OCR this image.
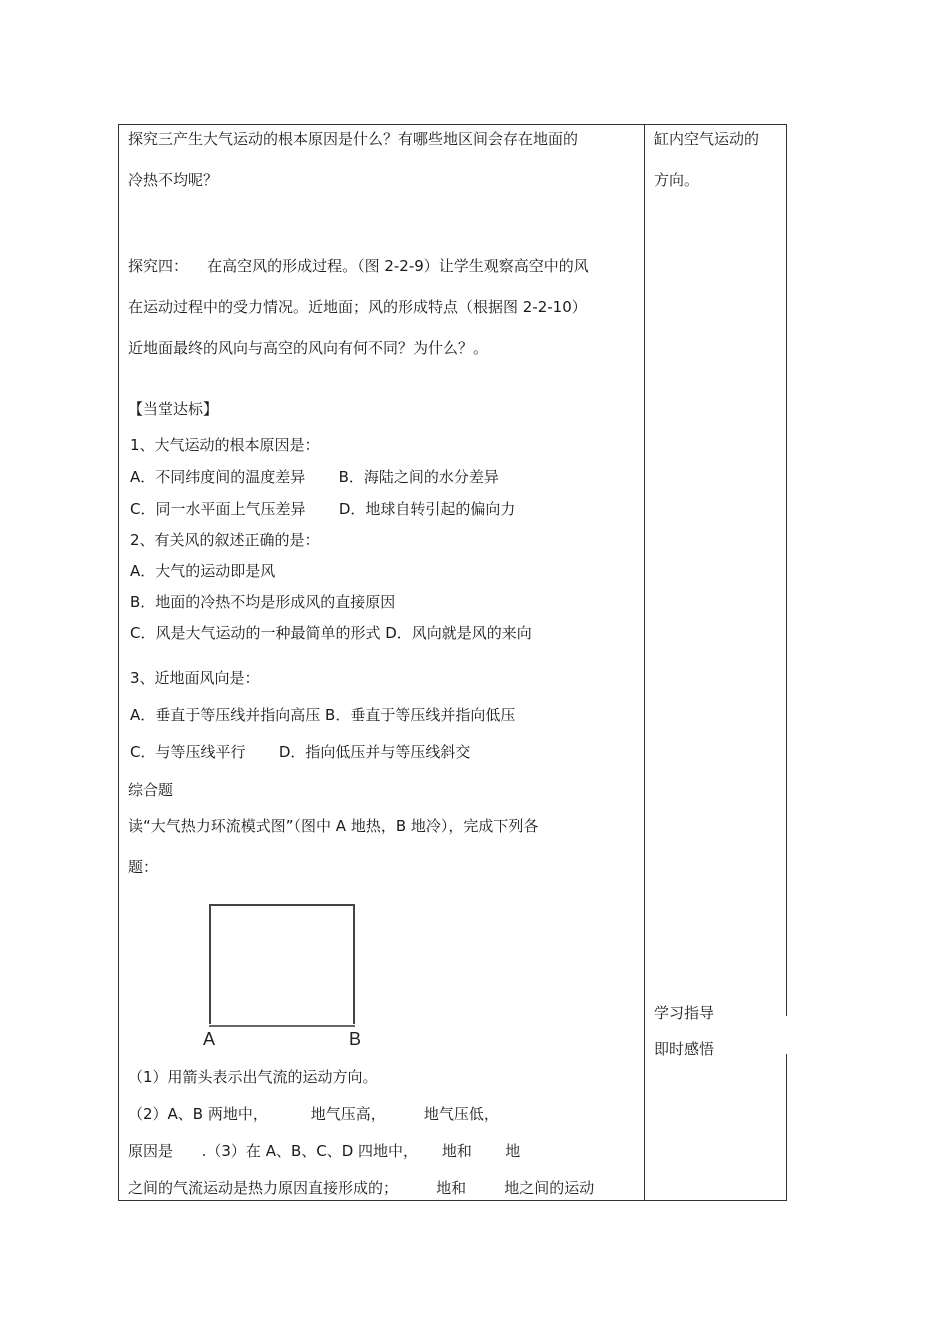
探究三产生大气运动的根本原因是什么？有哪些地区间会存在地面的
冷热不均呢？
探究四：    在高空风的形成过程。（图 2-2-9）让学生观察高空中的风
在运动过程中的受力情况。近地面；风的形成特点（根据图 2-2-10）
近地面最终的风向与高空的风向有何不同？为什么？。
【当堂达标】
1、大气运动的根本原因是：
A．不同纬度间的温度差异       B．海陆之间的水分差异
C．同一水平面上气压差异       D．地球自转引起的偏向力
2、有关风的叙述正确的是：
A．大气的运动即是风
B．地面的冷热不均是形成风的直接原因
C．风是大气运动的一种最简单的形式 D．风向就是风的来向
3、近地面风向是：
A．垂直于等压线并指向高压 B．垂直于等压线并指向低压
C．与等压线平行       D．指向低压并与等压线斜交
综合题
读“大气热力环流模式图”（图中 A 地热，B 地冷），完成下列各
题：
A	B
（1）用箭头表示出气流的运动方向。
（2）A、B 两地中，         地气压高，        地气压低，
原因是      .（3）在 A、B、C、D 四地中，     地和       地
之间的气流运动是热力原因直接形成的；        地和        地之间的运动
缸内空气运动的
方向。
学习指导
即时感悟
